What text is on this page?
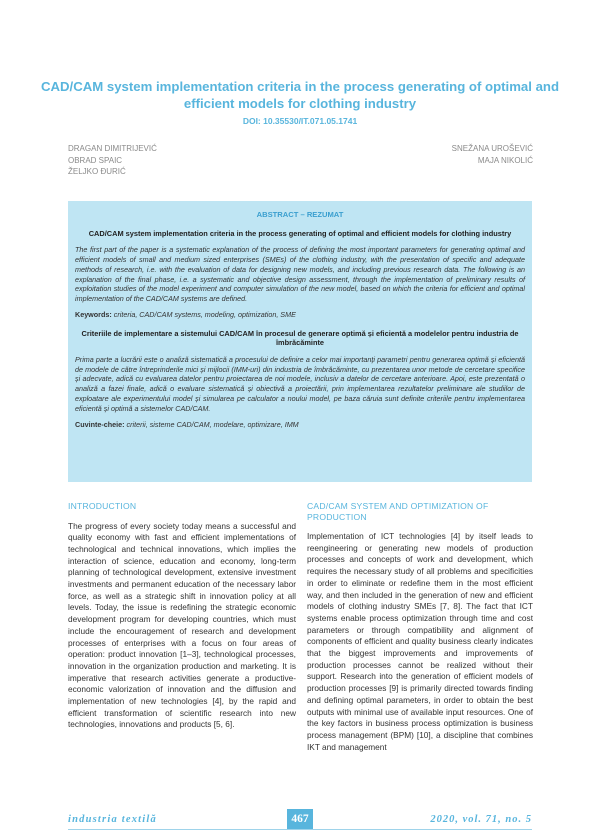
CAD/CAM system implementation criteria in the process generating of optimal and efficient models for clothing industry
DOI: 10.35530/IT.071.05.1741
DRAGAN DIMITRIJEVIĆ
OBRAD SPAIC
ŽELJKO ĐURIĆ
SNEŽANA UROŠEVIĆ
MAJA NIKOLIĆ
ABSTRACT – REZUMAT
CAD/CAM system implementation criteria in the process generating of optimal and efficient models for clothing industry
The first part of the paper is a systematic explanation of the process of defining the most important parameters for generating optimal and efficient models of small and medium sized enterprises (SMEs) of the clothing industry, with the presentation of specific and adequate methods of research, i.e. with the evaluation of data for designing new models, and including previous research data. The following is an explanation of the final phase, i.e. a systematic and objective design assessment, through the implementation of preliminary results of exploitation studies of the model experiment and computer simulation of the new model, based on which the criteria for efficient and optimal implementation of the CAD/CAM systems are defined.
Keywords: criteria, CAD/CAM systems, modeling, optimization, SME
Criteriile de implementare a sistemului CAD/CAM în procesul de generare optimă și eficientă a modelelor pentru industria de îmbrăcăminte
Prima parte a lucrării este o analiză sistematică a procesului de definire a celor mai importanți parametri pentru generarea optimă și eficientă de modele de către întreprinderile mici și mijlocii (IMM-uri) din industria de îmbrăcăminte, cu prezentarea unor metode de cercetare specifice și adecvate, adică cu evaluarea datelor pentru proiectarea de noi modele, inclusiv a datelor de cercetare anterioare. Apoi, este prezentată o analiză a fazei finale, adică o evaluare sistematică și obiectivă a proiectării, prin implementarea rezultatelor preliminare ale studiilor de exploatare ale experimentului model și simularea pe calculator a noului model, pe baza căruia sunt definite criteriile pentru implementarea eficientă și optimă a sistemelor CAD/CAM.
Cuvinte-cheie: criterii, sisteme CAD/CAM, modelare, optimizare, IMM
INTRODUCTION

The progress of every society today means a successful and quality economy with fast and efficient implementations of technological and technical innovations, which implies the interaction of science, education and economy, long-term planning of technological development, extensive investment investments and permanent education of the necessary labor force, as well as a strategic shift in innovation policy at all levels. Today, the issue is redefining the strategic economic development program for developing countries, which must include the encouragement of research and development processes of enterprises with a focus on four areas of operation: product innovation [1–3], technological processes, innovation in the organization production and marketing. It is imperative that research activities generate a productive-economic valorization of innovation and the diffusion and implementation of new technologies [4], by the rapid and efficient transformation of scientific research into new technologies, innovations and products [5, 6].

CAD/CAM SYSTEM AND OPTIMIZATION OF PRODUCTION

Implementation of ICT technologies [4] by itself leads to reengineering or generating new models of production processes and concepts of work and development, which requires the necessary study of all problems and specificities in order to eliminate or redefine them in the most efficient way, and then included in the generation of new and efficient models of clothing industry SMEs [7, 8]. The fact that ICT systems enable process optimization through time and cost parameters or through compatibility and alignment of components of efficient and quality business clearly indicates that the biggest improvements and improvements of production processes cannot be realized without their support. Research into the generation of efficient models of production processes [9] is primarily directed towards finding and defining optimal parameters, in order to obtain the best outputs with minimal use of available input resources. One of the key factors in business process optimization is business process management (BPM) [10], a discipline that combines IKT and management

industria textilă	467	2020, vol. 71, no. 5
